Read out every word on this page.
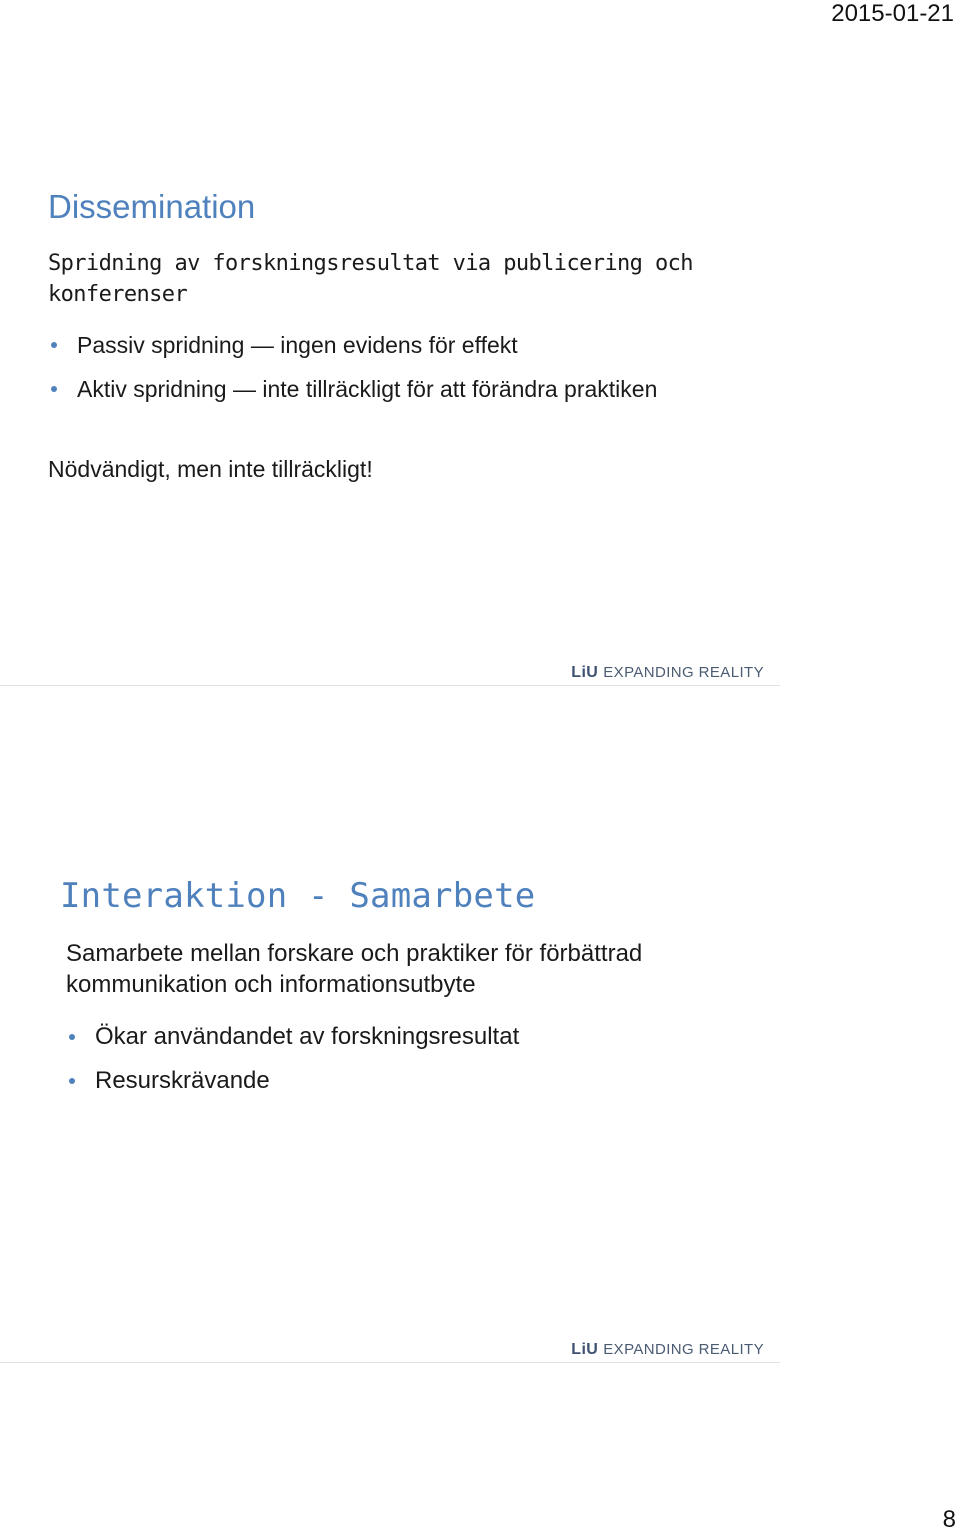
2015-01-21
Dissemination

Spridning av forskningsresultat via publicering och konferenser

Passiv spridning — ingen evidens för effekt
Aktiv spridning — inte tillräckligt för att förändra praktiken

Nödvändigt, men inte tillräckligt!

LiU EXPANDING REALITY
Interaktion - Samarbete

Samarbete mellan forskare och praktiker för förbättrad kommunikation och informationsutbyte

Ökar användandet av forskningsresultat
Resurskrävande
LiU EXPANDING REALITY
8
